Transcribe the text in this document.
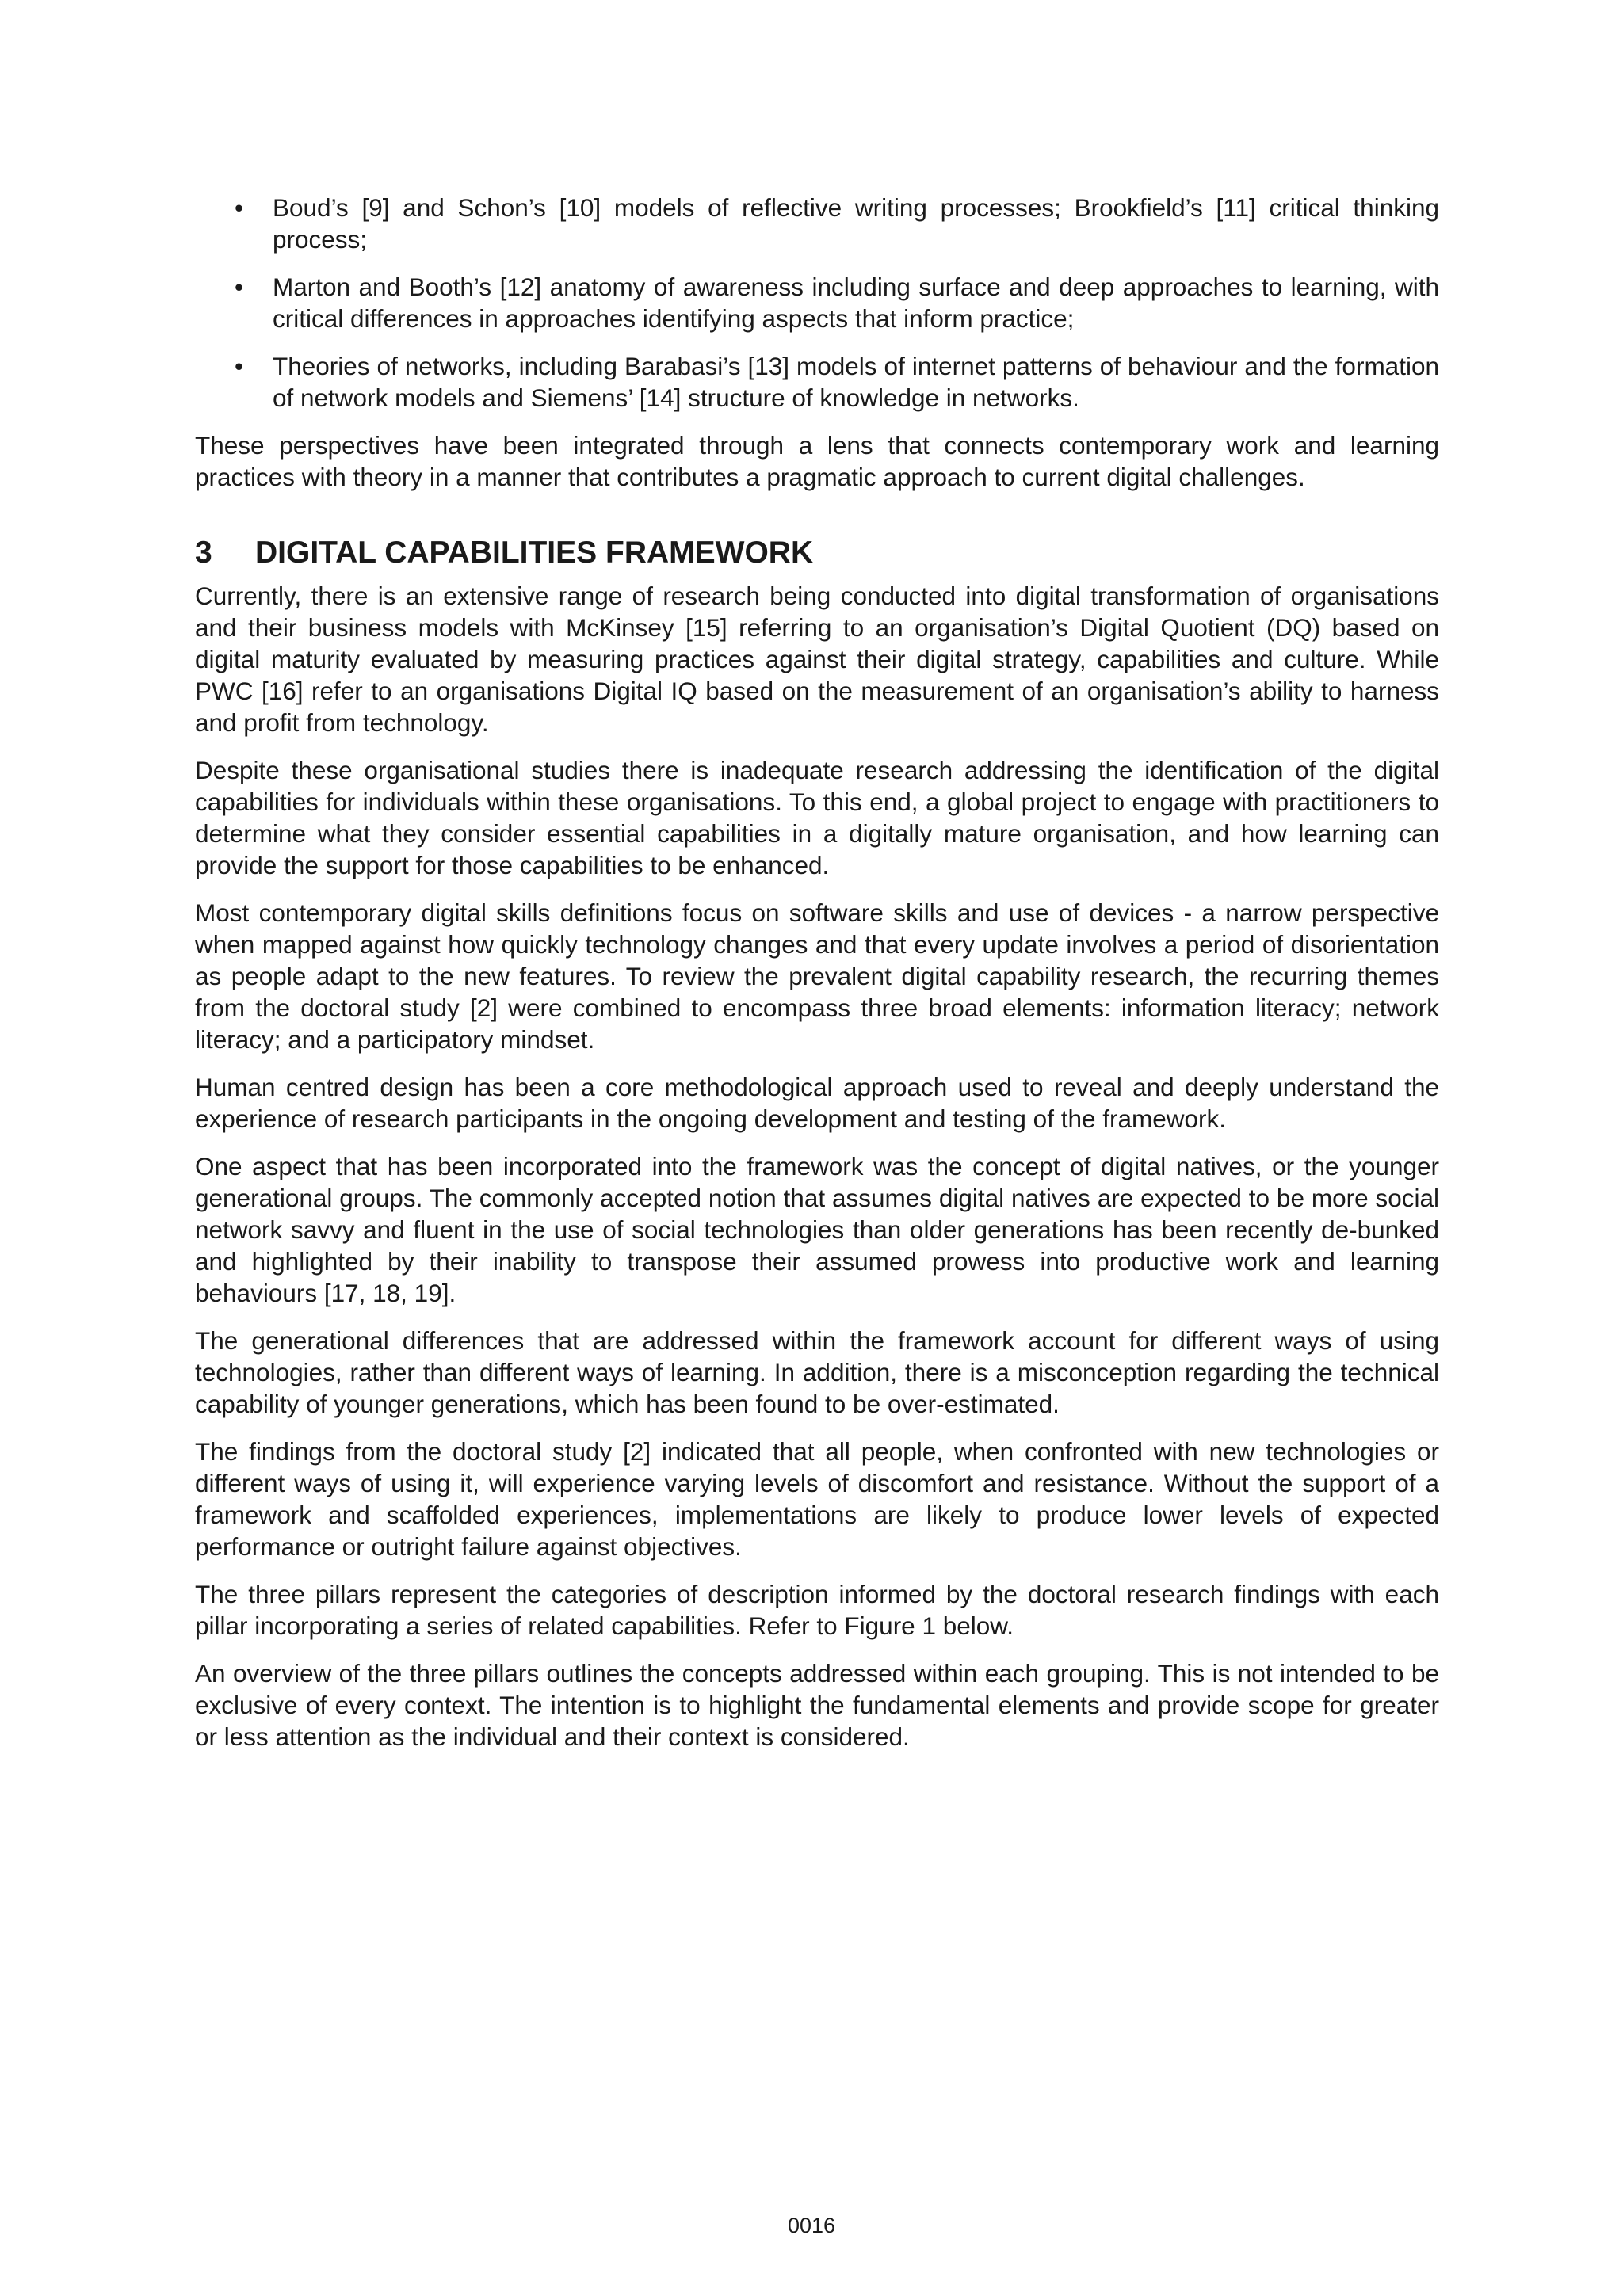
• Boud’s [9] and Schon’s [10] models of reflective writing processes; Brookfield’s [11] critical thinking process;
• Marton and Booth’s [12] anatomy of awareness including surface and deep approaches to learning, with critical differences in approaches identifying aspects that inform practice;
• Theories of networks, including Barabasi’s [13] models of internet patterns of behaviour and the formation of network models and Siemens’ [14] structure of knowledge in networks.

These perspectives have been integrated through a lens that connects contemporary work and learning practices with theory in a manner that contributes a pragmatic approach to current digital challenges.

3	DIGITAL CAPABILITIES FRAMEWORK

Currently, there is an extensive range of research being conducted into digital transformation of organisations and their business models with McKinsey [15] referring to an organisation’s Digital Quotient (DQ) based on digital maturity evaluated by measuring practices against their digital strategy, capabilities and culture. While PWC [16] refer to an organisations Digital IQ based on the measurement of an organisation’s ability to harness and profit from technology.

Despite these organisational studies there is inadequate research addressing the identification of the digital capabilities for individuals within these organisations. To this end, a global project to engage with practitioners to determine what they consider essential capabilities in a digitally mature organisation, and how learning can provide the support for those capabilities to be enhanced.

Most contemporary digital skills definitions focus on software skills and use of devices - a narrow perspective when mapped against how quickly technology changes and that every update involves a period of disorientation as people adapt to the new features. To review the prevalent digital capability research, the recurring themes from the doctoral study [2] were combined to encompass three broad elements: information literacy; network literacy; and a participatory mindset.

Human centred design has been a core methodological approach used to reveal and deeply understand the experience of research participants in the ongoing development and testing of the framework.

One aspect that has been incorporated into the framework was the concept of digital natives, or the younger generational groups. The commonly accepted notion that assumes digital natives are expected to be more social network savvy and fluent in the use of social technologies than older generations has been recently de-bunked and highlighted by their inability to transpose their assumed prowess into productive work and learning behaviours [17, 18, 19].

The generational differences that are addressed within the framework account for different ways of using technologies, rather than different ways of learning. In addition, there is a misconception regarding the technical capability of younger generations, which has been found to be over-estimated.

The findings from the doctoral study [2] indicated that all people, when confronted with new technologies or different ways of using it, will experience varying levels of discomfort and resistance. Without the support of a framework and scaffolded experiences, implementations are likely to produce lower levels of expected performance or outright failure against objectives.

The three pillars represent the categories of description informed by the doctoral research findings with each pillar incorporating a series of related capabilities. Refer to Figure 1 below.

An overview of the three pillars outlines the concepts addressed within each grouping. This is not intended to be exclusive of every context. The intention is to highlight the fundamental elements and provide scope for greater or less attention as the individual and their context is considered.

0016
